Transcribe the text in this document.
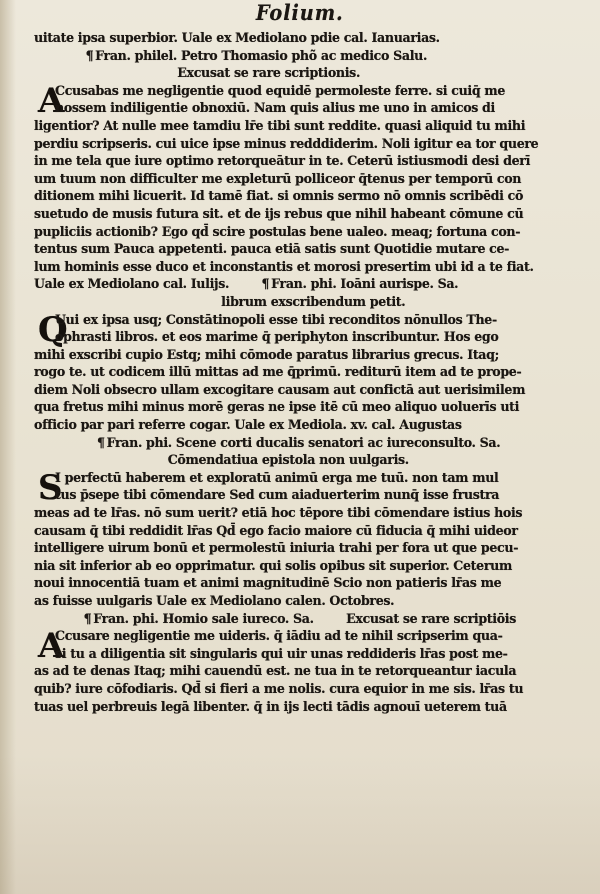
Folium.
uitate ipsa superbior. Uale ex Mediolano pdie cal. Ianuarias.
¶ Fran. philel. Petro Thomasio phõ ac medico Salu.
Excusat se rare scriptionis.
A
Ccusabas me negligentie quod equidē permoleste ferre. si cuiq̄ me
nossem indiligentie obnoxiū. Nam quis alius me uno in amicos di
ligentior? At nulle mee tamdiu lr̄e tibi sunt reddite. quasi aliquid tu mihi
perdiu scripseris. cui uice ipse minus redddiderim. Noli igitur ea tor quere
in me tela que iure optimo retorqueātur in te. Ceterū istiusmodi desi derī
um tuum non difficulter me expleturū polliceor q̄tenus per temporū con
ditionem mihi licuerit. Id tamē fiat. si omnis sermo nō omnis scribēdi cō
suetudo de musis futura sit. et de ijs rebus que nihil habeant cōmune cū
pupliciis actionib? Ego qd̄ scire postulas bene ualeo. meaq; fortuna con-
tentus sum Pauca appetenti. pauca etiā satis sunt Quotidie mutare ce-
lum hominis esse duco et inconstantis et morosi presertim ubi id a te fiat.
Uale ex Mediolano cal. Iulijs. ¶ Fran. phi. Ioāni aurispe. Sa.
librum exscribendum petit.
Q
Uui ex ipsa usq; Constātinopoli esse tibi reconditos nōnullos The-
ophrasti libros. et eos marime q̄ periphyton inscribuntur. Hos ego
mihi exscribi cupio Estq; mihi cōmode paratus librarius grecus. Itaq;
rogo te. ut codicem illū mittas ad me q̄primū. rediturū item ad te prope-
diem Noli obsecro ullam excogitare causam aut confictā aut uerisimilem
qua fretus mihi minus morē geras ne ipse itē cū meo aliquo uoluerīs uti
officio par pari referre cogar. Uale ex Mediola. xv. cal. Augustas
¶ Fran. phi. Scene corti ducalis senatori ac iureconsulto. Sa.
Cōmendatiua epistola non uulgaris.
S
I perfectū haberem et exploratū animū erga me tuū. non tam mul
tus p̄sepe tibi cōmendare Sed cum aiaduerterim nunq̄ isse frustra
meas ad te lr̄as. nō sum uerit? etiā hoc tēpore tibi cōmendare istius hois
causam q̄ tibi reddidit lr̄as Qd̄ ego facio maiore cū fiducia q̄ mihi uideor
intelligere uirum bonū et permolestū iniuria trahi per fora ut que pecu-
nia sit inferior ab eo opprimatur. qui solis opibus sit superior. Ceterum
noui innocentiā tuam et animi magnitudinē Scio non patieris lr̄as me
as fuisse uulgaris Uale ex Mediolano calen. Octobres.
¶ Fran. phi. Homio sale iureco. Sa. Excusat se rare scriptiōis
A
Ccusare negligentie me uideris. q̄ iādiu ad te nihil scripserim qua-
si tu a diligentia sit singularis qui uir unas reddideris lr̄as post me-
as ad te denas Itaq; mihi cauendū est. ne tua in te retorqueantur iacula
quib? iure cōfodiaris. Qd̄ si fieri a me nolis. cura equior in me sis. lr̄as tu
tuas uel perbreuis legā libenter. q̄ in ijs lecti tādis agnouī ueterem tuā
